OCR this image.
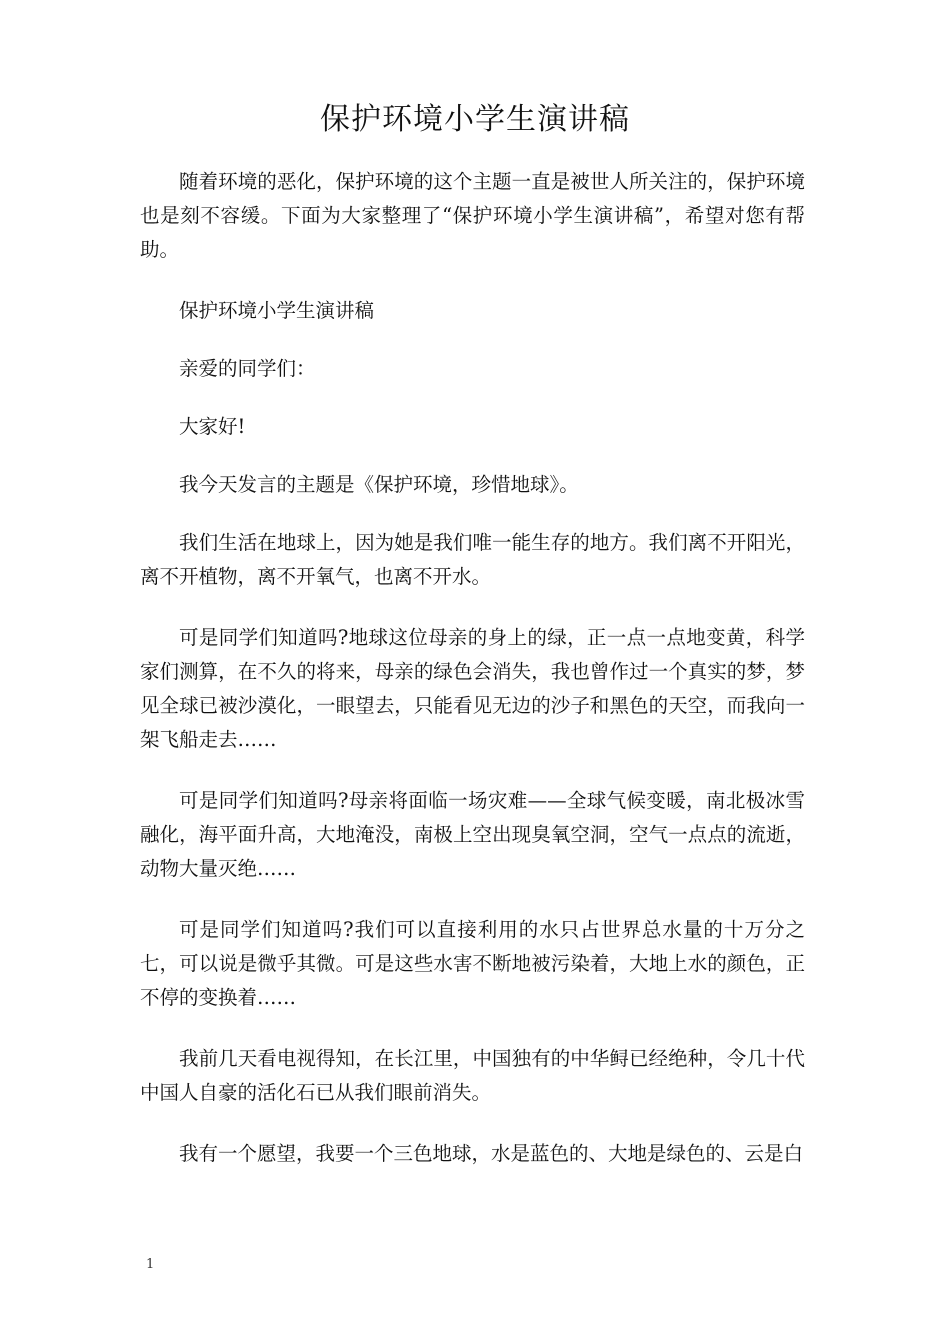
保护环境小学生演讲稿

随着环境的恶化，保护环境的这个主题一直是被世人所关注的，保护环境也是刻不容缓。下面为大家整理了“保护环境小学生演讲稿”，希望对您有帮助。

保护环境小学生演讲稿

亲爱的同学们：

大家好!

我今天发言的主题是《保护环境，珍惜地球》。

我们生活在地球上，因为她是我们唯一能生存的地方。我们离不开阳光，离不开植物，离不开氧气，也离不开水。

可是同学们知道吗?地球这位母亲的身上的绿，正一点一点地变黄，科学家们测算，在不久的将来，母亲的绿色会消失，我也曾作过一个真实的梦，梦见全球已被沙漠化，一眼望去，只能看见无边的沙子和黑色的天空，而我向一架飞船走去……

可是同学们知道吗?母亲将面临一场灾难——全球气候变暖，南北极冰雪融化，海平面升高，大地淹没，南极上空出现臭氧空洞，空气一点点的流逝，动物大量灭绝……

可是同学们知道吗?我们可以直接利用的水只占世界总水量的十万分之七，可以说是微乎其微。可是这些水害不断地被污染着，大地上水的颜色，正不停的变换着……

我前几天看电视得知，在长江里，中国独有的中华鲟已经绝种，令几十代中国人自豪的活化石已从我们眼前消失。

我有一个愿望，我要一个三色地球，水是蓝色的、大地是绿色的、云是白

1
